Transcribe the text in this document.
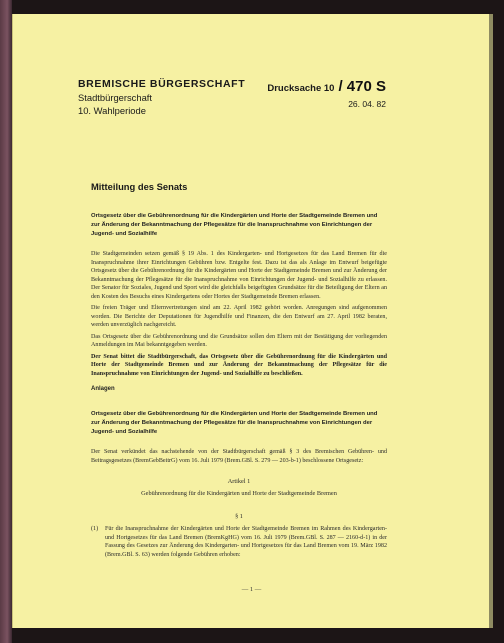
— 1 —
BREMISCHE BÜRGERSCHAFT
Stadtbürgerschaft
10. Wahlperiode
Drucksache 10 / 470 S
26. 04. 82
Mitteilung des Senats
Ortsgesetz über die Gebührenordnung für die Kindergärten und Horte der Stadtgemeinde Bremen und zur Änderung der Bekanntmachung der Pflegesätze für die Inanspruchnahme von Einrichtungen der Jugend- und Sozialhilfe

Die Stadtgemeinden setzen gemäß § 19 Abs. 1 des Kindergarten- und Hortgesetzes für das Land Bremen für die Inanspruchnahme ihrer Einrichtungen Gebühren bzw. Entgelte fest. Dazu ist das als Anlage im Entwurf beigefügte Ortsgesetz über die Gebührenordnung für die Kindergärten und Horte der Stadtgemeinde Bremen und zur Änderung der Bekanntmachung der Pflegesätze für die Inanspruchnahme von Einrichtungen der Jugend- und Sozialhilfe zu erlassen. Der Senator für Soziales, Jugend und Sport wird die gleichfalls beigefügten Grundsätze für die Beteiligung der Eltern an den Kosten des Besuchs eines Kindergartens oder Hortes der Stadtgemeinde Bremen erlassen.

Die freien Träger und Elternvertretungen sind am 22. April 1982 gehört worden. Anregungen sind aufgenommen worden. Die Berichte der Deputationen für Jugendhilfe und Finanzen, die den Entwurf am 27. April 1982 beraten, werden unverzüglich nachgereicht.

Das Ortsgesetz über die Gebührenordnung und die Grundsätze sollen den Eltern mit der Bestätigung der vorliegenden Anmeldungen im Mai bekanntgegeben werden.

Der Senat bittet die Stadtbürgerschaft, das Ortsgesetz über die Gebührenordnung für die Kindergärten und Horte der Stadtgemeinde Bremen und zur Änderung der Bekanntmachung der Pflegesätze für die Inanspruchnahme von Einrichtungen der Jugend- und Sozialhilfe zu beschließen.

Anlagen
Ortsgesetz über die Gebührenordnung für die Kindergärten und Horte der Stadtgemeinde Bremen und zur Änderung der Bekanntmachung der Pflegesätze für die Inanspruchnahme von Einrichtungen der Jugend- und Sozialhilfe

Der Senat verkündet das nachstehende von der Stadtbürgerschaft gemäß § 3 des Bremischen Gebühren- und Beitragsgesetzes (BremGebBeitrG) vom 16. Juli 1979 (Brem.GBl. S. 279 — 203-b-1) beschlossene Ortsgesetz:

Artikel 1
Gebührenordnung für die Kindergärten und Horte der Stadtgemeinde Bremen
§ 1
(1)	Für die Inanspruchnahme der Kindergärten und Horte der Stadtgemeinde Bremen im Rahmen des Kindergarten- und Hortgesetzes für das Land Bremen (BremKgHG) vom 16. Juli 1979 (Brem.GBl. S. 287 — 2160-d-1) in der Fassung des Gesetzes zur Änderung des Kindergarten- und Hortgesetzes für das Land Bremen vom 19. März 1982 (Brem.GBl. S. 63) werden folgende Gebühren erhoben:
